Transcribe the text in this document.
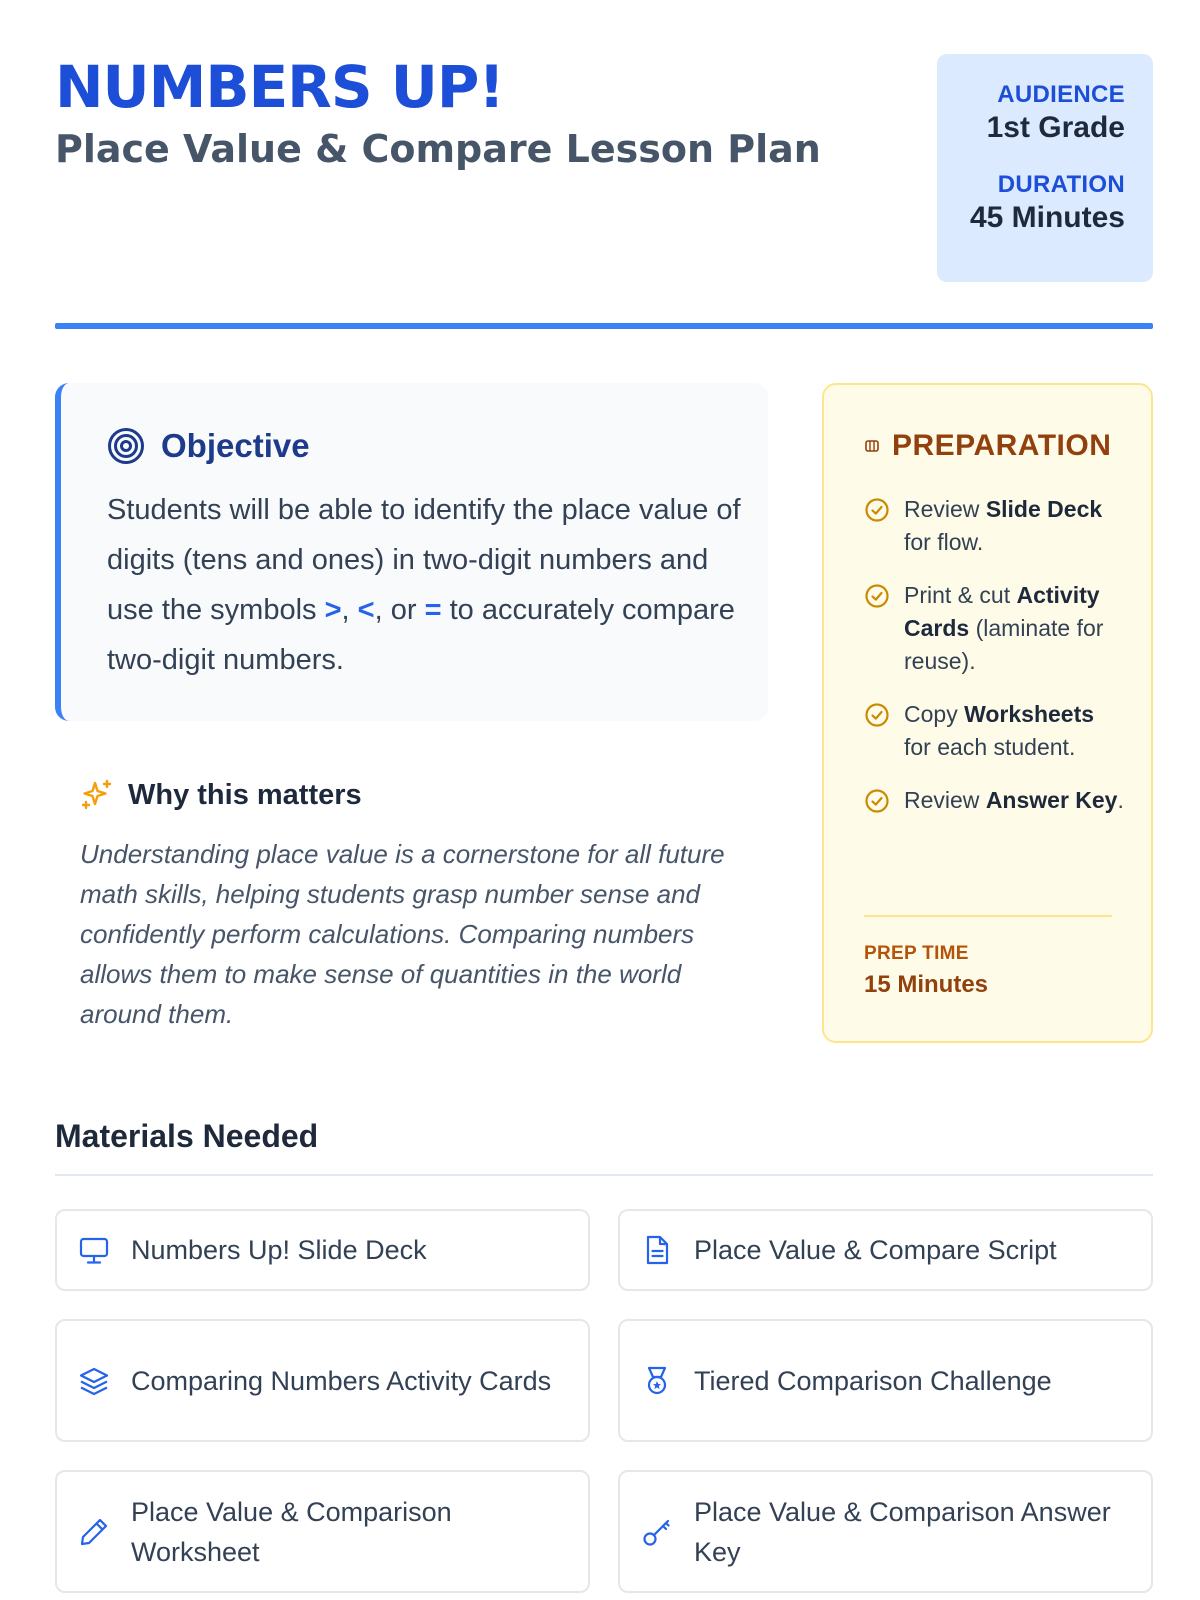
NUMBERS UP!
Place Value & Compare Lesson Plan
AUDIENCE
1st Grade
DURATION
45 Minutes
Objective

Students will be able to identify the place value of digits (tens and ones) in two-digit numbers and use the symbols >, <, or = to accurately compare two-digit numbers.

Why this matters

Understanding place value is a cornerstone for all future math skills, helping students grasp number sense and confidently perform calculations. Comparing numbers allows them to make sense of quantities in the world around them.

PREPARATION
Review Slide Deck for flow.
Print & cut Activity Cards (laminate for reuse).
Copy Worksheets for each student.
Review Answer Key.
PREP TIME
15 Minutes
Materials Needed
Numbers Up! Slide Deck	Place Value & Compare Script
Comparing Numbers Activity Cards	Tiered Comparison Challenge
Place Value & Comparison Worksheet
Place Value & Comparison Answer Key
